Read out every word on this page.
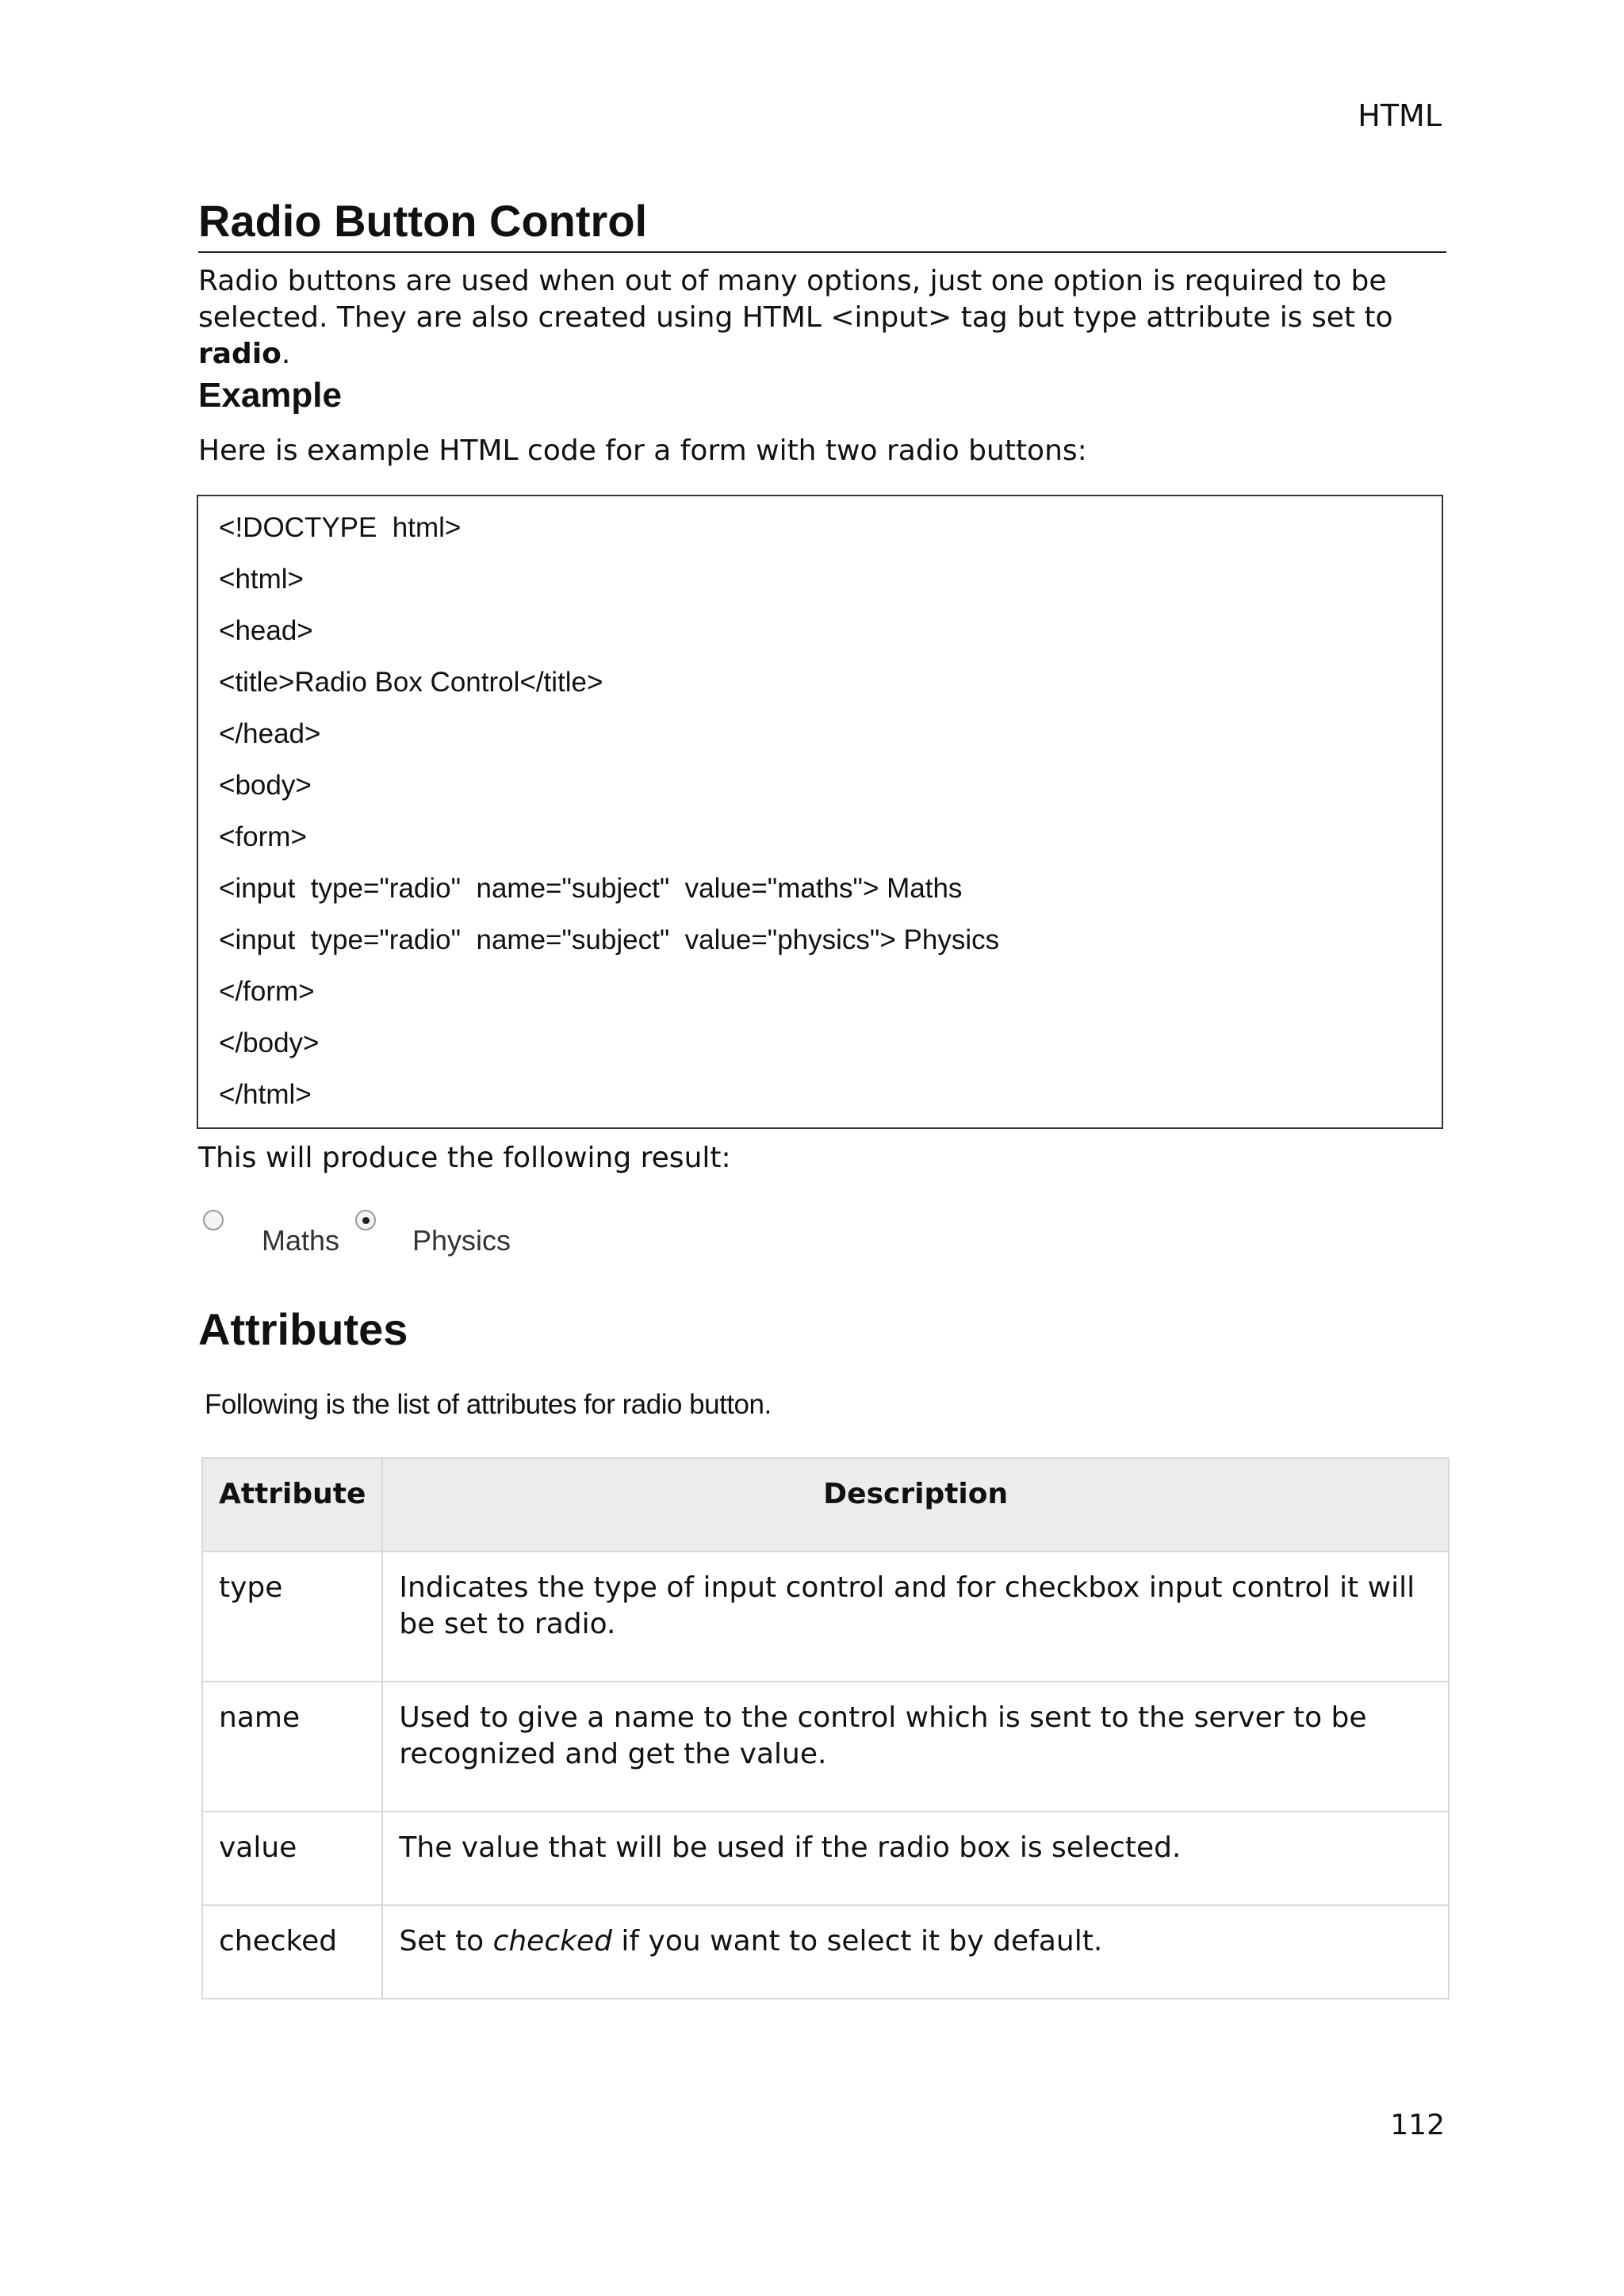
HTML
Radio Button Control

Radio buttons are used when out of many options, just one option is required to be selected. They are also created using HTML <input> tag but type attribute is set to radio.

Example

Here is example HTML code for a form with two radio buttons:

<!DOCTYPE  html>
<html>
<head>
<title>Radio Box Control</title>
</head>
<body>
<form>
<input  type="radio"  name="subject"  value="maths"> Maths
<input  type="radio"  name="subject"  value="physics"> Physics
</form>
</body>
</html>

This will produce the following result:

Maths	Physics
Attributes

Following is the list of attributes for radio button.

Attribute	Description
type	Indicates the type of input control and for checkbox input control it will be set to radio.
name	Used to give a name to the control which is sent to the server to be recognized and get the value.
value	The value that will be used if the radio box is selected.
checked	Set to checked if you want to select it by default.
112
